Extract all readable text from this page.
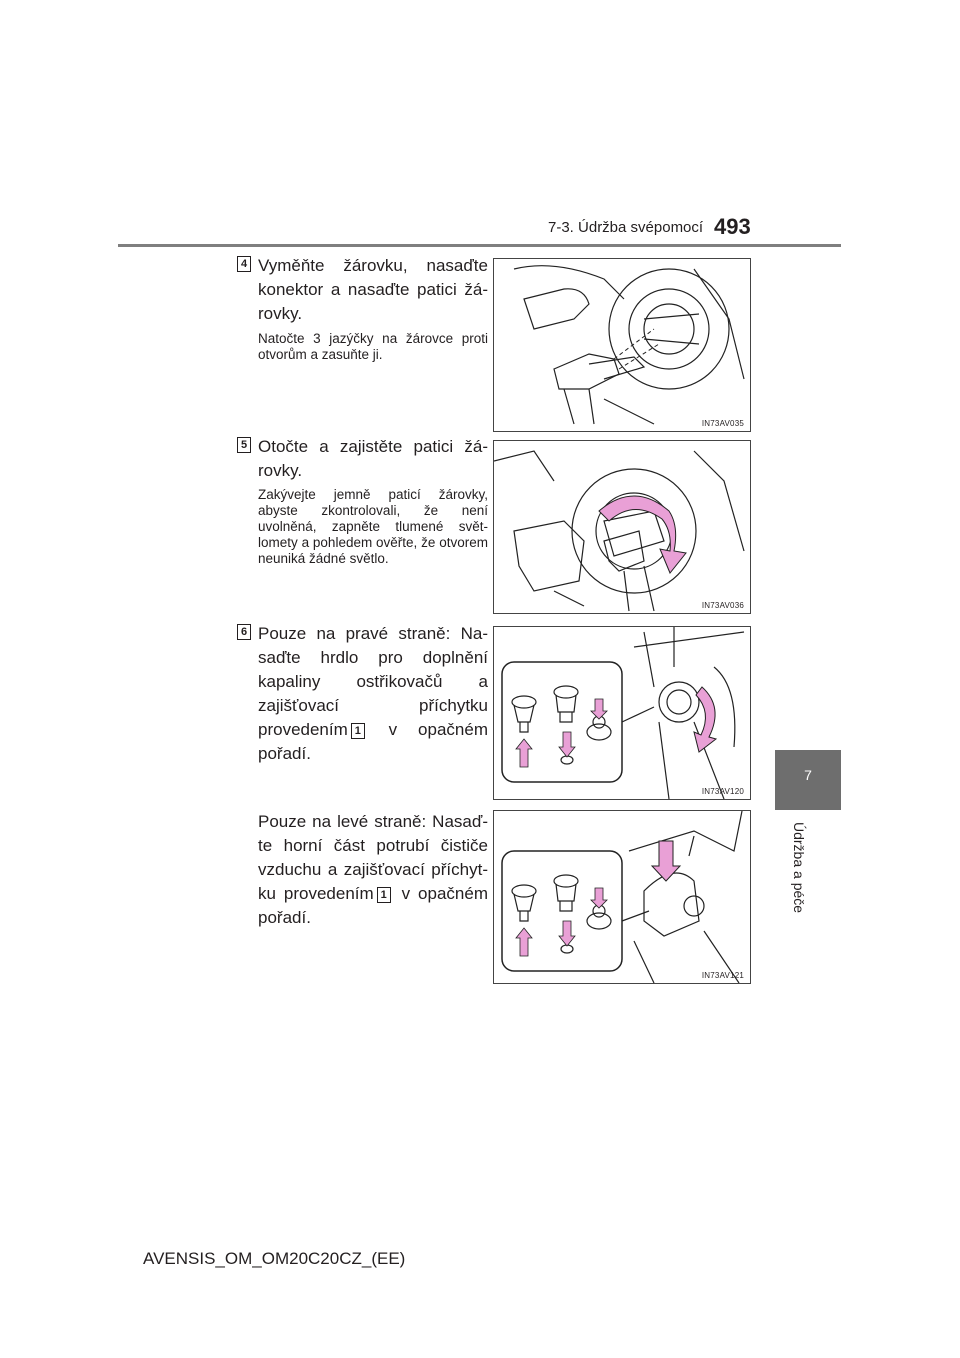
7-3. Údržba svépomocí 493
7
Údržba a péče
4 Vyměňte žárovku, nasaďte konektor a nasaďte patici žárovky.
Natočte 3 jazýčky na žárovce proti otvorům a zasuňte ji.
IN73AV035
5 Otočte a zajistěte patici žárovky.
Zakývejte jemně paticí žárovky, abyste zkontrolovali, že není uvolněná, zapněte tlumené světlomety a pohledem ověřte, že otvorem neuniká žádné světlo.
IN73AV036
6 Pouze na pravé straně: Nasaďte hrdlo pro doplnění kapaliny ostřikovačů a zajišťovací příchytku provedením 1 v opačném pořadí.
IN73AV120
Pouze na levé straně: Nasaďte horní část potrubí čističe vzduchu a zajišťovací příchytku provedením 1 v opačném pořadí.
IN73AV121
AVENSIS_OM_OM20C20CZ_(EE)
